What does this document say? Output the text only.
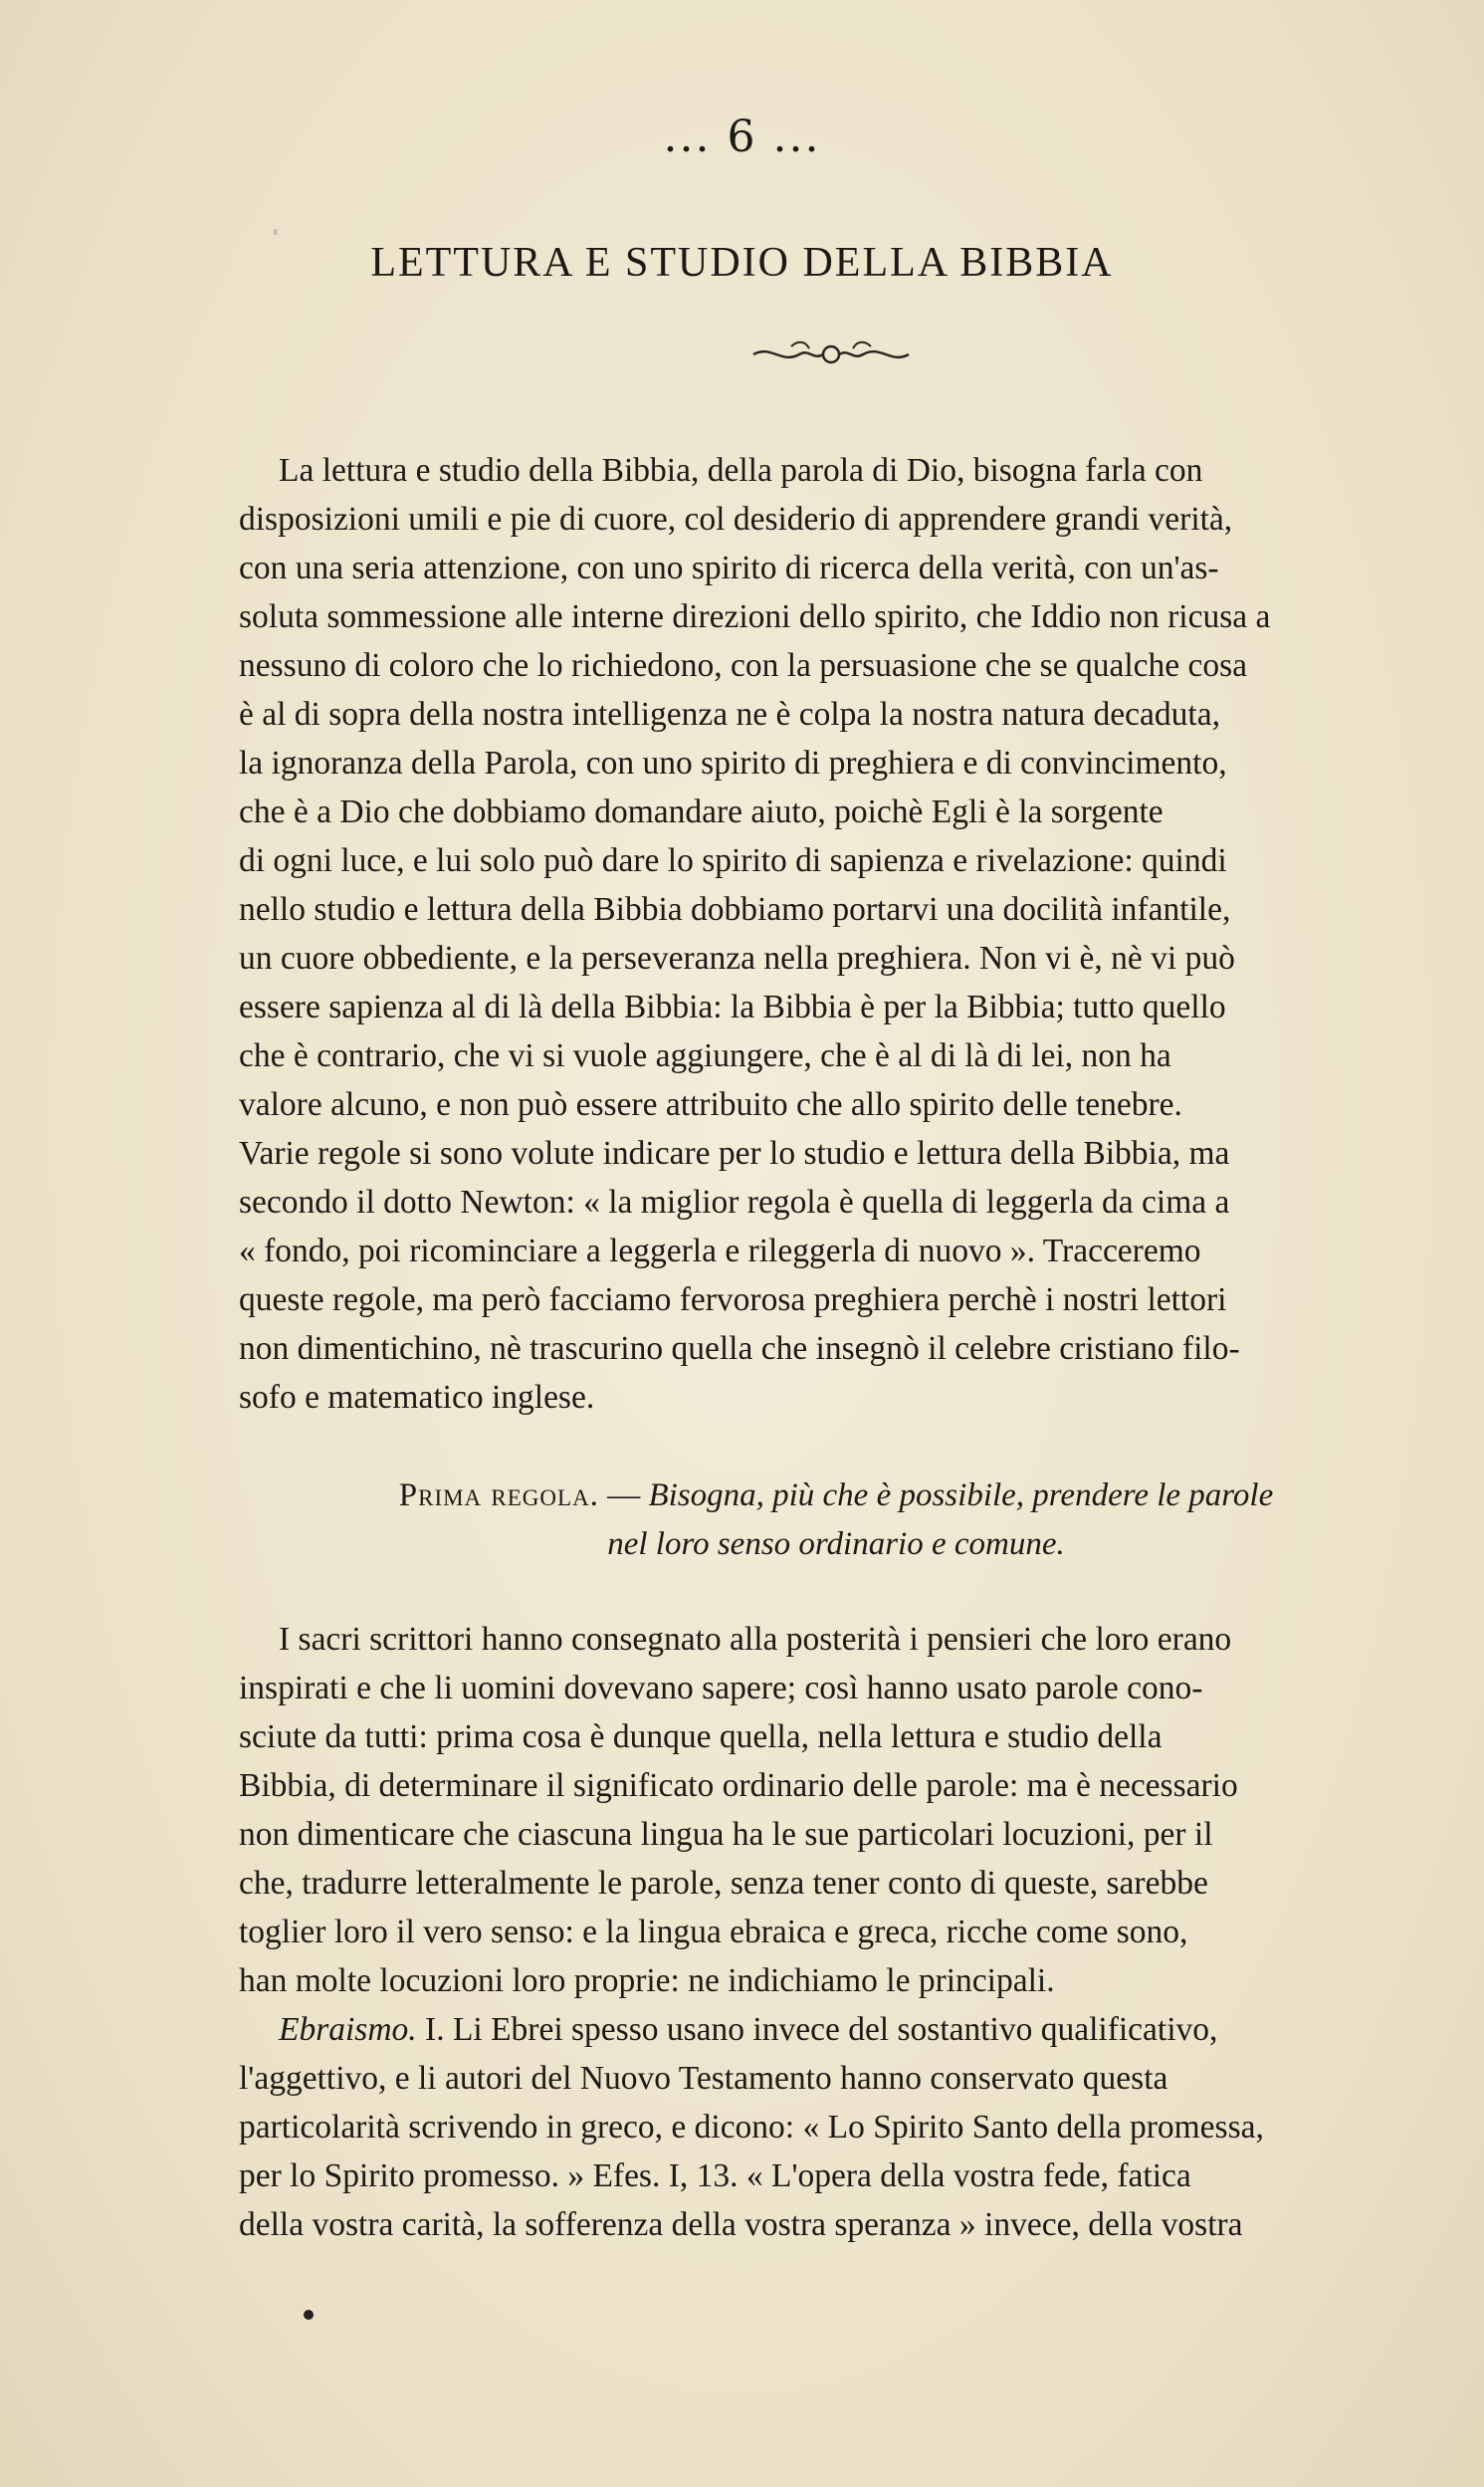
... 6 ...
LETTURA E STUDIO DELLA BIBBIA
La lettura e studio della Bibbia, della parola di Dio, bisogna farla con
disposizioni umili e pie di cuore, col desiderio di apprendere grandi verità,
con una seria attenzione, con uno spirito di ricerca della verità, con un'as-
soluta sommessione alle interne direzioni dello spirito, che Iddio non ricusa a
nessuno di coloro che lo richiedono, con la persuasione che se qualche cosa
è al di sopra della nostra intelligenza ne è colpa la nostra natura decaduta,
la ignoranza della Parola, con uno spirito di preghiera e di convincimento,
che è a Dio che dobbiamo domandare aiuto, poichè Egli è la sorgente
di ogni luce, e lui solo può dare lo spirito di sapienza e rivelazione: quindi
nello studio e lettura della Bibbia dobbiamo portarvi una docilità infantile,
un cuore obbediente, e la perseveranza nella preghiera. Non vi è, nè vi può
essere sapienza al di là della Bibbia: la Bibbia è per la Bibbia; tutto quello
che è contrario, che vi si vuole aggiungere, che è al di là di lei, non ha
valore alcuno, e non può essere attribuito che allo spirito delle tenebre.
Varie regole si sono volute indicare per lo studio e lettura della Bibbia, ma
secondo il dotto Newton: « la miglior regola è quella di leggerla da cima a
« fondo, poi ricominciare a leggerla e rileggerla di nuovo ». Tracceremo
queste regole, ma però facciamo fervorosa preghiera perchè i nostri lettori
non dimentichino, nè trascurino quella che insegnò il celebre cristiano filo-
sofo e matematico inglese.
Prima regola. — Bisogna, più che è possibile, prendere le parole
nel loro senso ordinario e comune.
I sacri scrittori hanno consegnato alla posterità i pensieri che loro erano
inspirati e che li uomini dovevano sapere; così hanno usato parole cono-
sciute da tutti: prima cosa è dunque quella, nella lettura e studio della
Bibbia, di determinare il significato ordinario delle parole: ma è necessario
non dimenticare che ciascuna lingua ha le sue particolari locuzioni, per il
che, tradurre letteralmente le parole, senza tener conto di queste, sarebbe
toglier loro il vero senso: e la lingua ebraica e greca, ricche come sono,
han molte locuzioni loro proprie: ne indichiamo le principali.
Ebraismo. I. Li Ebrei spesso usano invece del sostantivo qualificativo,
l'aggettivo, e li autori del Nuovo Testamento hanno conservato questa
particolarità scrivendo in greco, e dicono: « Lo Spirito Santo della promessa,
per lo Spirito promesso. » Efes. I, 13. « L'opera della vostra fede, fatica
della vostra carità, la sofferenza della vostra speranza » invece, della vostra
